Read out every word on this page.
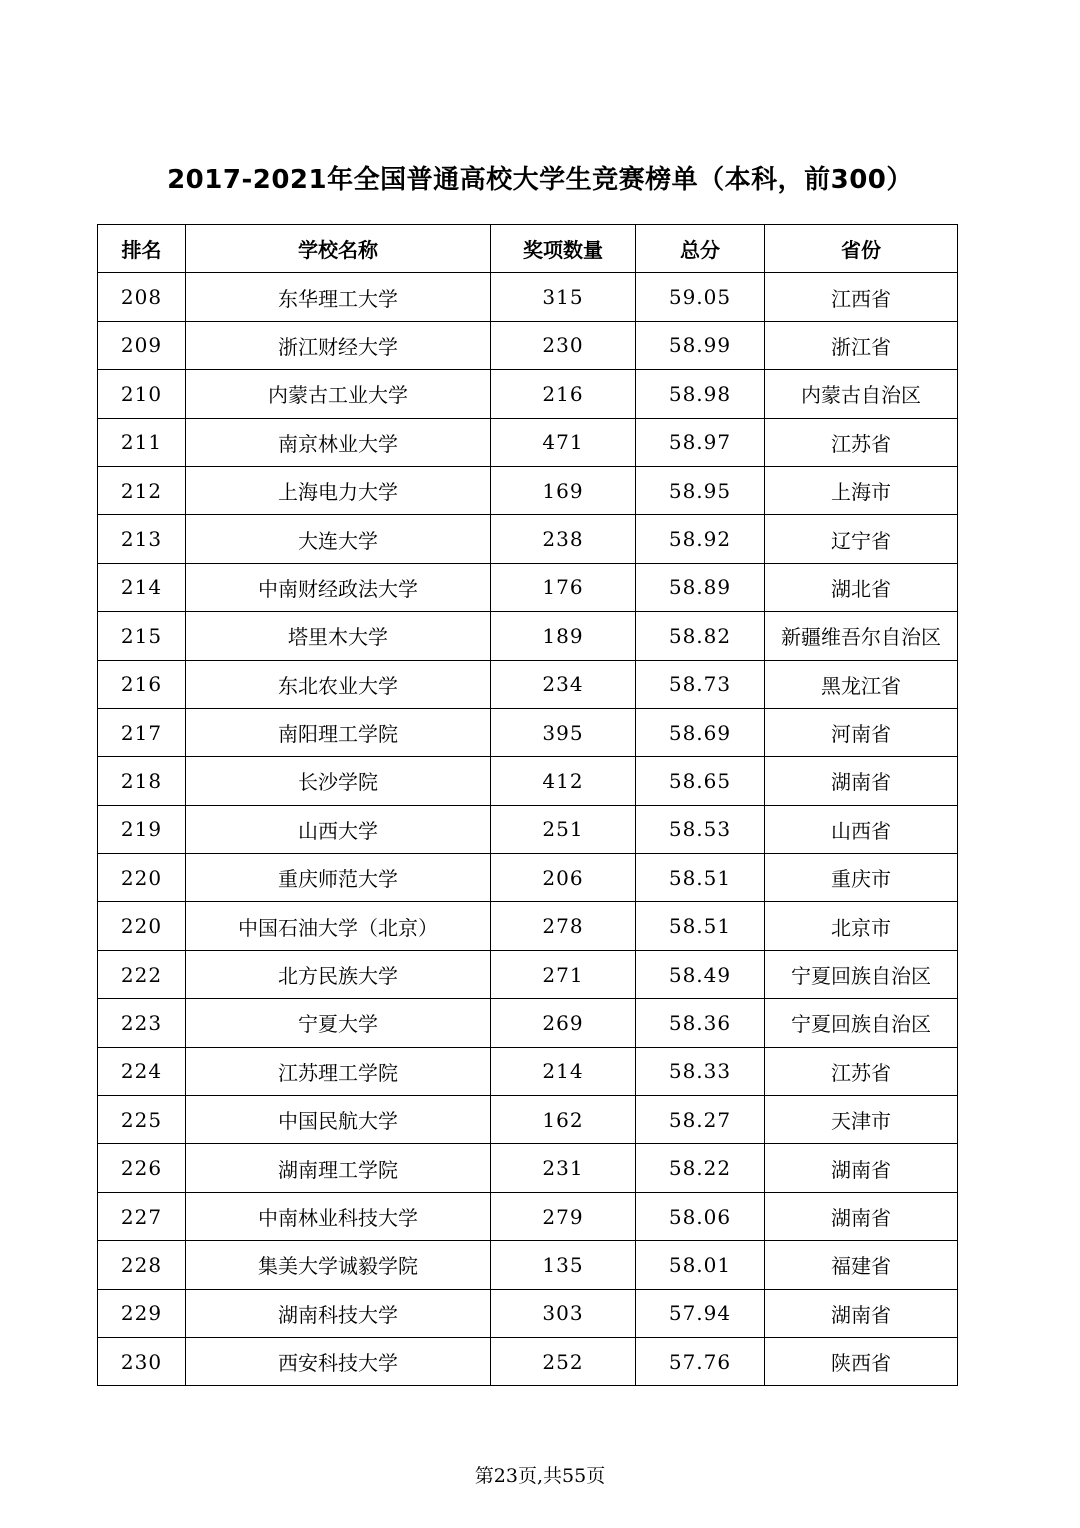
2017-2021年全国普通高校大学生竞赛榜单（本科，前300）
排名	学校名称	奖项数量	总分	省份
208	东华理工大学	315	59.05	江西省
209	浙江财经大学	230	58.99	浙江省
210	内蒙古工业大学	216	58.98	内蒙古自治区
211	南京林业大学	471	58.97	江苏省
212	上海电力大学	169	58.95	上海市
213	大连大学	238	58.92	辽宁省
214	中南财经政法大学	176	58.89	湖北省
215	塔里木大学	189	58.82	新疆维吾尔自治区
216	东北农业大学	234	58.73	黑龙江省
217	南阳理工学院	395	58.69	河南省
218	长沙学院	412	58.65	湖南省
219	山西大学	251	58.53	山西省
220	重庆师范大学	206	58.51	重庆市
220	中国石油大学（北京）	278	58.51	北京市
222	北方民族大学	271	58.49	宁夏回族自治区
223	宁夏大学	269	58.36	宁夏回族自治区
224	江苏理工学院	214	58.33	江苏省
225	中国民航大学	162	58.27	天津市
226	湖南理工学院	231	58.22	湖南省
227	中南林业科技大学	279	58.06	湖南省
228	集美大学诚毅学院	135	58.01	福建省
229	湖南科技大学	303	57.94	湖南省
230	西安科技大学	252	57.76	陕西省
第23页,共55页
